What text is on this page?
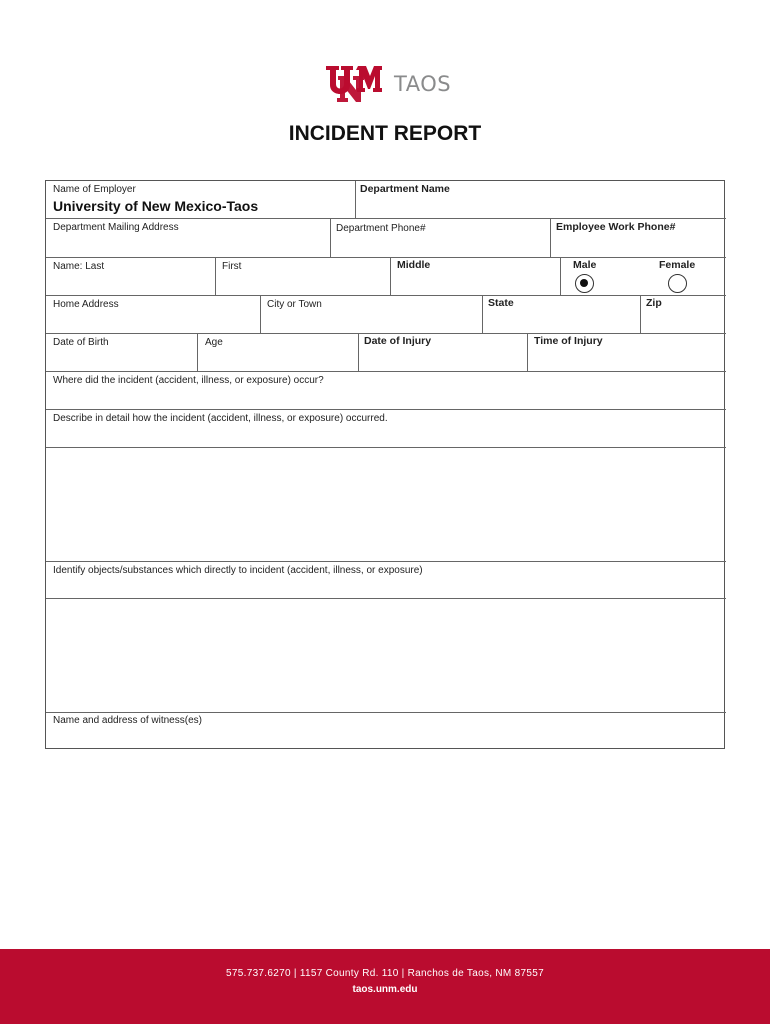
TAOS
INCIDENT REPORT
Name of Employer
University of New Mexico-Taos
Department Name
Department Mailing Address	Department Phone#	Employee Work Phone#
Name: Last	First	Middle	Male	Female
Home Address	City or Town	State	Zip
Date of Birth	Age	Date of Injury	Time of Injury
Where did the incident (accident, illness, or exposure) occur?
Describe in detail how the incident (accident, illness, or exposure) occurred.
Identify objects/substances which directly to incident (accident, illness, or exposure)
Name and address of witness(es)
575.737.6270 | 1157 County Rd. 110 | Ranchos de Taos, NM 87557
taos.unm.edu
